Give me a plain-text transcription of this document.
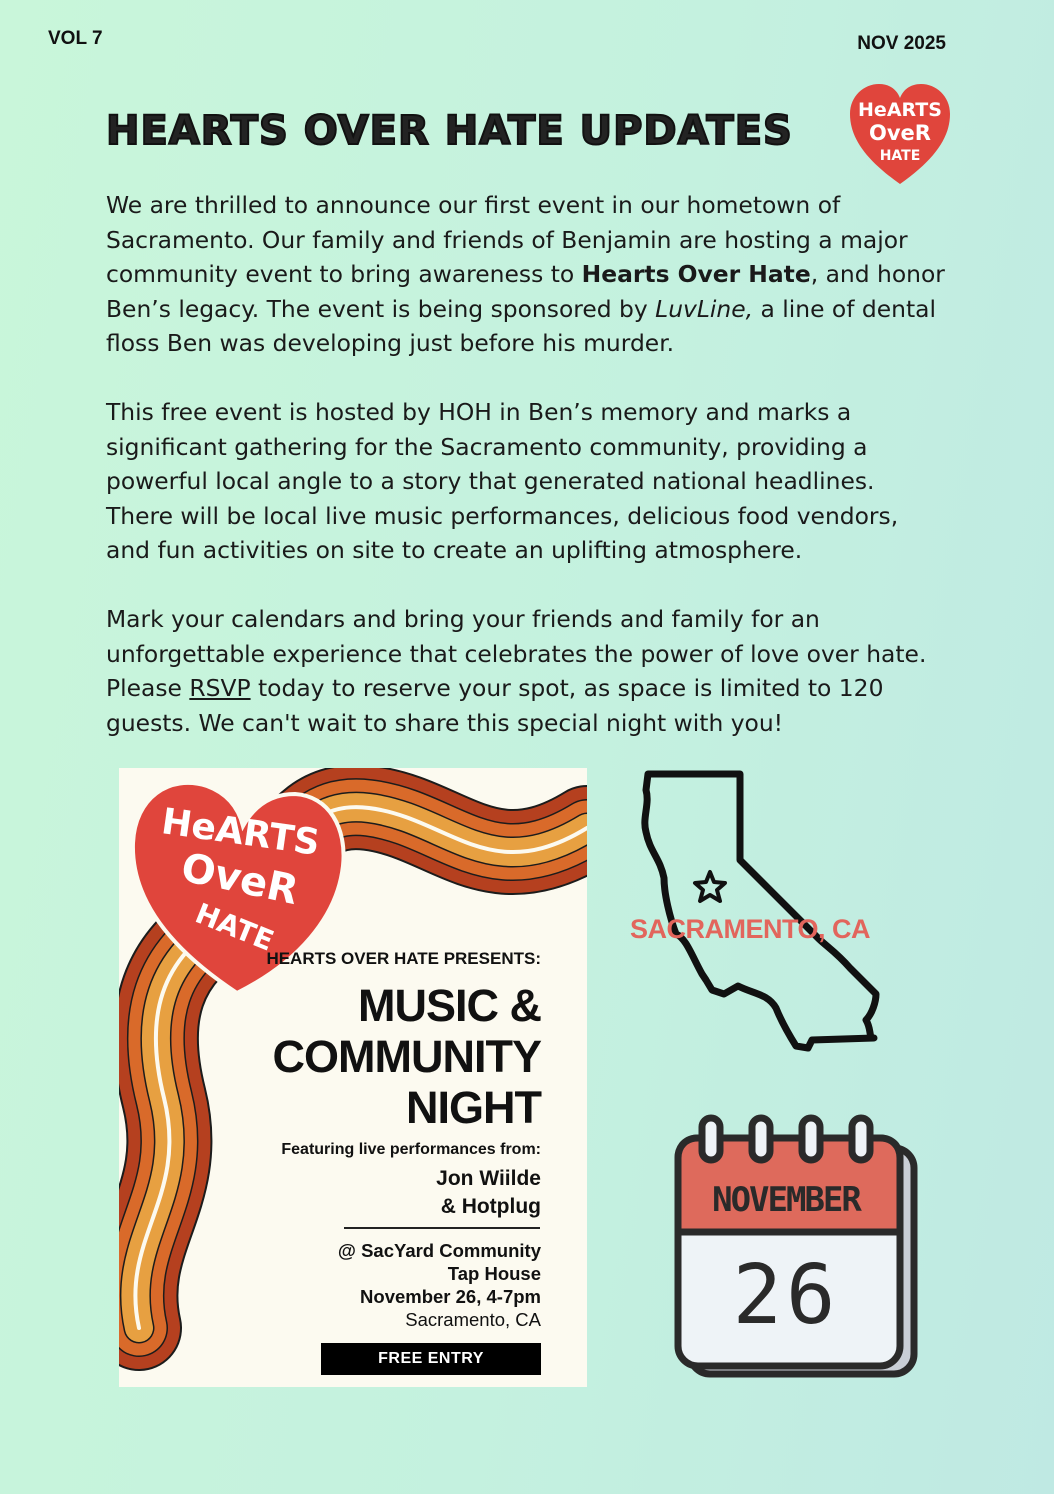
VOL 7	NOV 2025
HEARTS OVER HATE UPDATES	HeARTS
OveR
HATE

We are thrilled to announce our first event in our hometown of Sacramento. Our family and friends of Benjamin are hosting a major community event to bring awareness to Hearts Over Hate, and honor Ben’s legacy. The event is being sponsored by LuvLine, a line of dental floss Ben was developing just before his murder.

This free event is hosted by HOH in Ben’s memory and marks a significant gathering for the Sacramento community, providing a powerful local angle to a story that generated national headlines. There will be local live music performances, delicious food vendors, and fun activities on site to create an uplifting atmosphere.

Mark your calendars and bring your friends and family for an unforgettable experience that celebrates the power of love over hate. Please RSVP today to reserve your spot, as space is limited to 120 guests. We can't wait to share this special night with you!

HeARTS
OveR
HATE
HEARTS OVER HATE PRESENTS:
MUSIC &
COMMUNITY
NIGHT
Featuring live performances from:
Jon Wiilde
& Hotplug
@ SacYard Community
Tap House
November 26, 4-7pm
Sacramento, CA
FREE ENTRY
SACRAMENTO, CA
NOVEMBER
26
